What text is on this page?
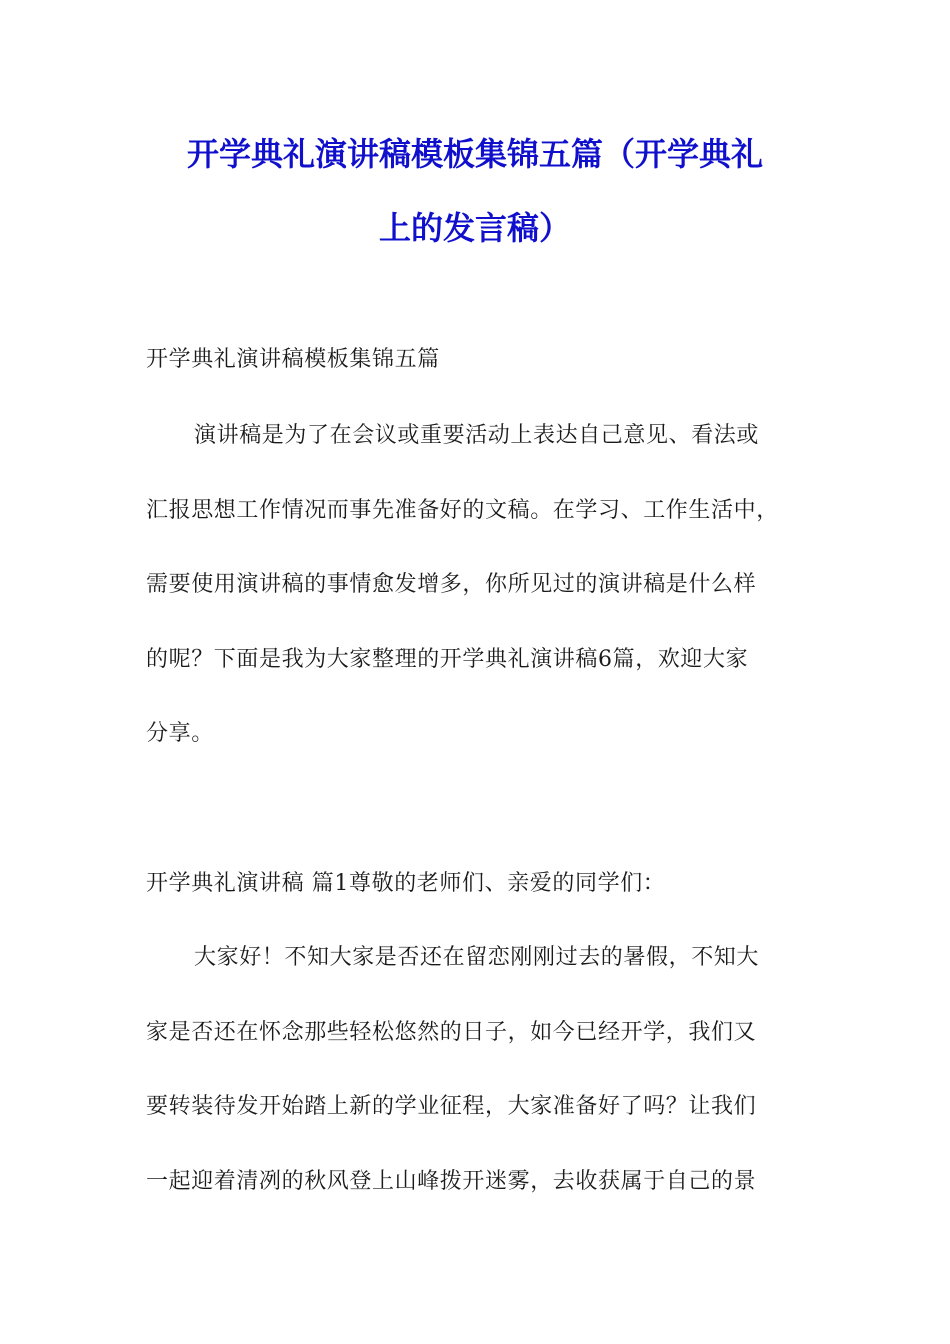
开学典礼演讲稿模板集锦五篇（开学典礼
上的发言稿）
开学典礼演讲稿模板集锦五篇
演讲稿是为了在会议或重要活动上表达自己意见、看法或
汇报思想工作情况而事先准备好的文稿。在学习、工作生活中，
需要使用演讲稿的事情愈发增多，你所见过的演讲稿是什么样
的呢？下面是我为大家整理的开学典礼演讲稿6篇，欢迎大家
分享。
开学典礼演讲稿 篇1尊敬的老师们、亲爱的同学们：
大家好！不知大家是否还在留恋刚刚过去的暑假，不知大
家是否还在怀念那些轻松悠然的日子，如今已经开学，我们又
要转装待发开始踏上新的学业征程，大家准备好了吗？让我们
一起迎着清冽的秋风登上山峰拨开迷雾，去收获属于自己的景
